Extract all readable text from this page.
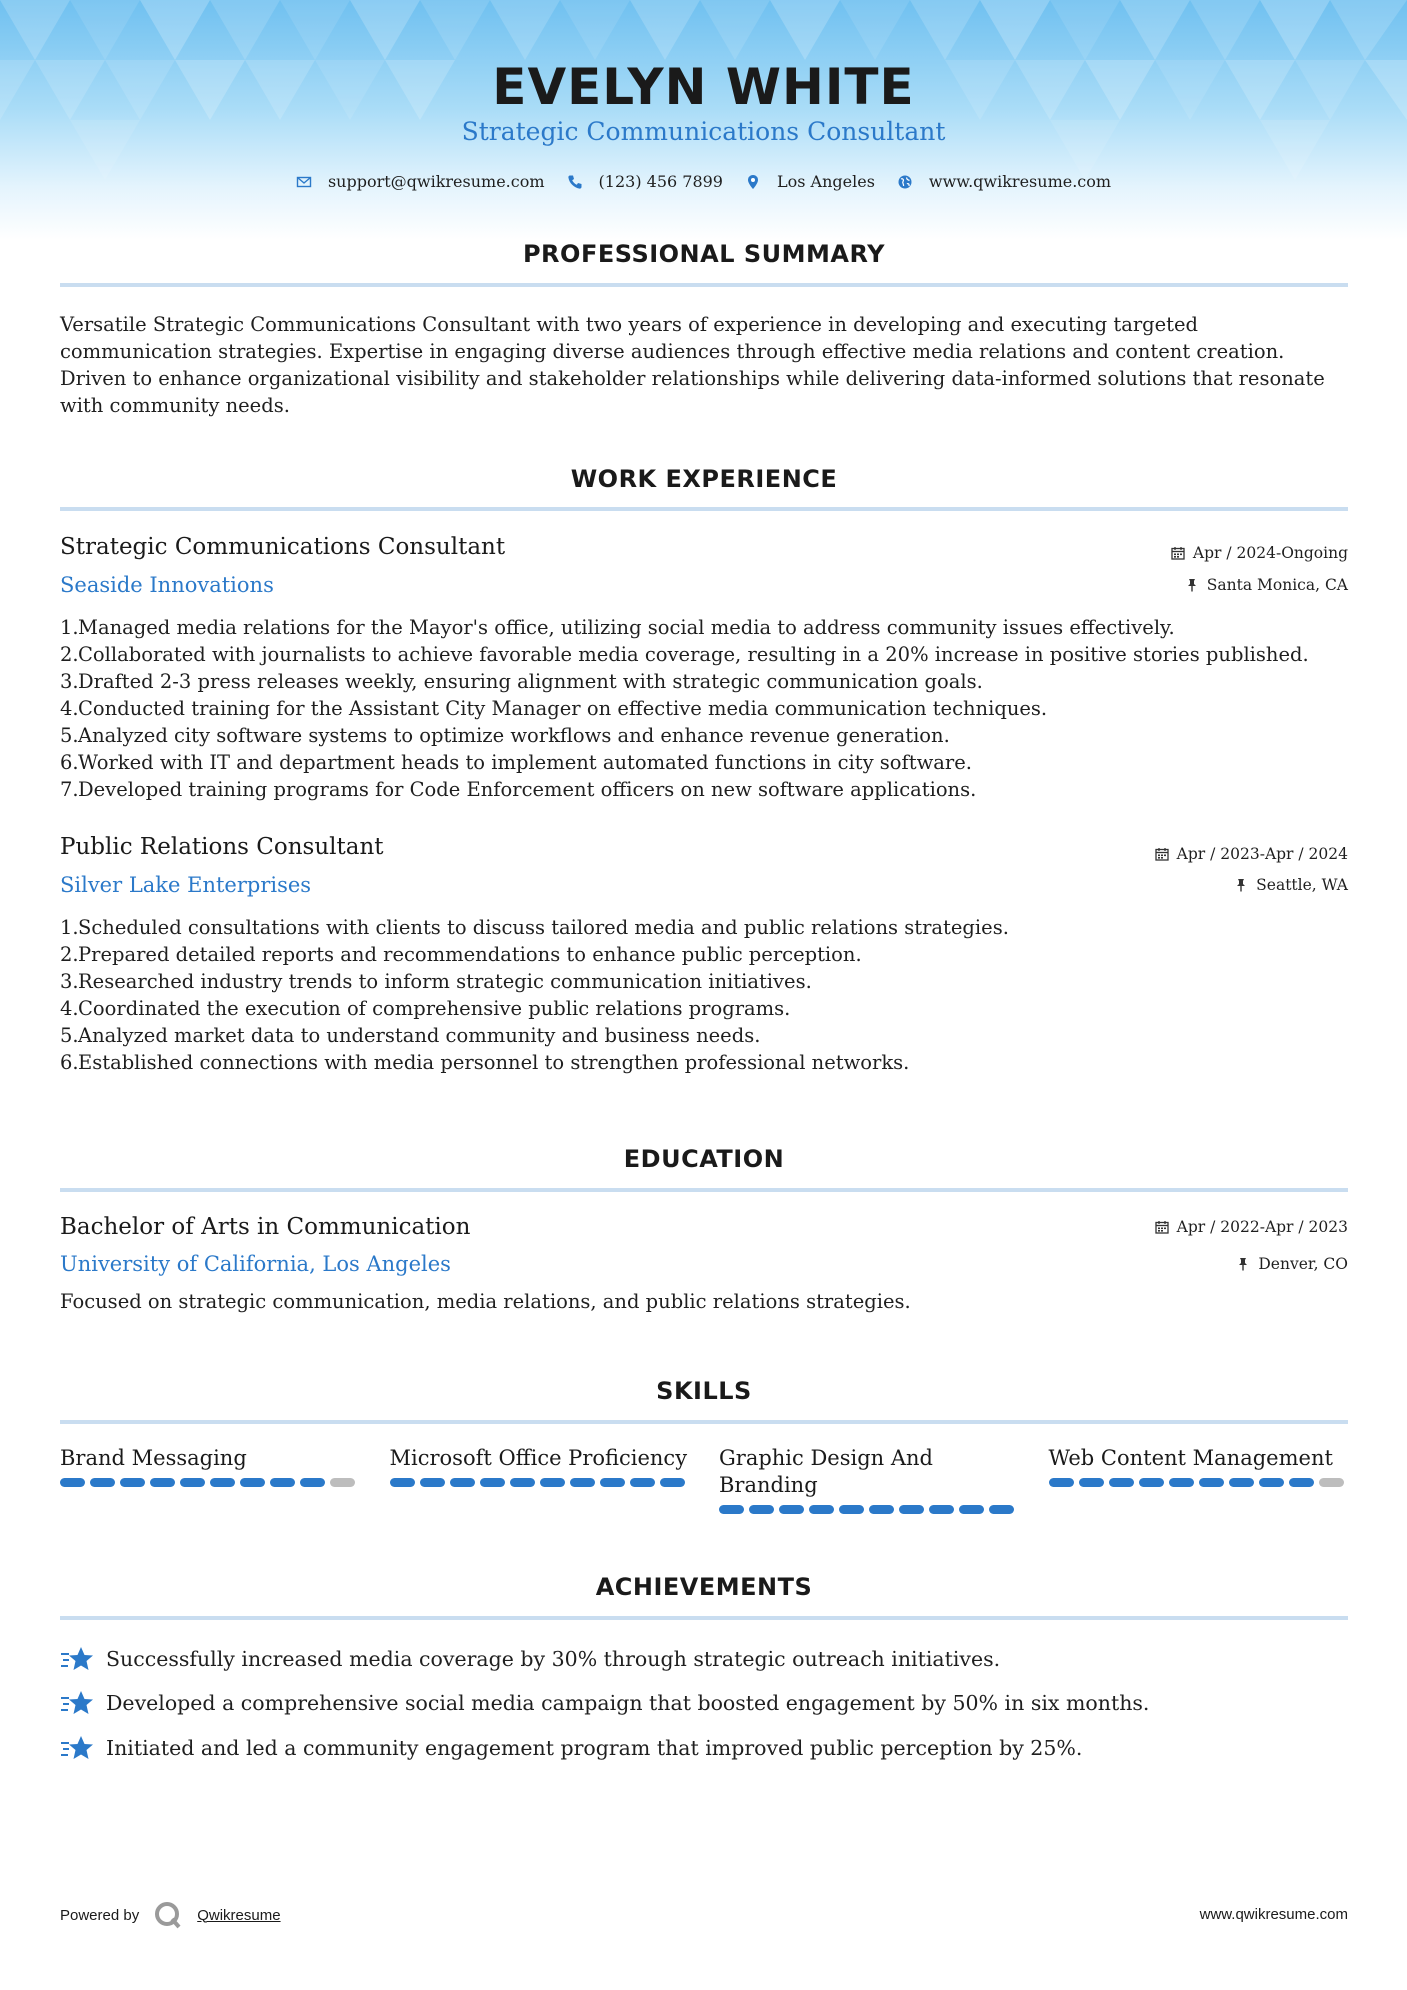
EVELYN WHITE
Strategic Communications Consultant
support@qwikresume.com	(123) 456 7899	Los Angeles	www.qwikresume.com
PROFESSIONAL SUMMARY
Versatile Strategic Communications Consultant with two years of experience in developing and executing targeted communication strategies. Expertise in engaging diverse audiences through effective media relations and content creation. Driven to enhance organizational visibility and stakeholder relationships while delivering data-informed solutions that resonate with community needs.
WORK EXPERIENCE
Strategic Communications Consultant	Apr / 2024-Ongoing
Seaside Innovations	Santa Monica, CA
1. Managed media relations for the Mayor's office, utilizing social media to address community issues effectively.
2. Collaborated with journalists to achieve favorable media coverage, resulting in a 20% increase in positive stories published.
3. Drafted 2-3 press releases weekly, ensuring alignment with strategic communication goals.
4. Conducted training for the Assistant City Manager on effective media communication techniques.
5. Analyzed city software systems to optimize workflows and enhance revenue generation.
6. Worked with IT and department heads to implement automated functions in city software.
7. Developed training programs for Code Enforcement officers on new software applications.
Public Relations Consultant	Apr / 2023-Apr / 2024
Silver Lake Enterprises	Seattle, WA
1. Scheduled consultations with clients to discuss tailored media and public relations strategies.
2. Prepared detailed reports and recommendations to enhance public perception.
3. Researched industry trends to inform strategic communication initiatives.
4. Coordinated the execution of comprehensive public relations programs.
5. Analyzed market data to understand community and business needs.
6. Established connections with media personnel to strengthen professional networks.
EDUCATION
Bachelor of Arts in Communication	Apr / 2022-Apr / 2023
University of California, Los Angeles	Denver, CO
Focused on strategic communication, media relations, and public relations strategies.
SKILLS
Brand Messaging	Microsoft Office Proficiency Graphic Design And Branding
Web Content Management
ACHIEVEMENTS
Successfully increased media coverage by 30% through strategic outreach initiatives.
Developed a comprehensive social media campaign that boosted engagement by 50% in six months.
Initiated and led a community engagement program that improved public perception by 25%.
Powered by	Qwikresume	www.qwikresume.com
